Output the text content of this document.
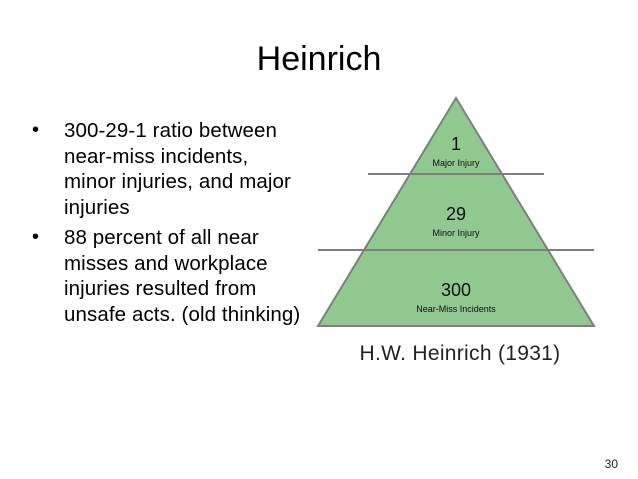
Heinrich
•	300-29-1 ratio between near-miss incidents, minor injuries, and major injuries
•	88 percent of all near misses and workplace injuries resulted from unsafe acts. (old thinking)
1
Major Injury
29
Minor Injury
300
Near-Miss Incidents

H.W. Heinrich (1931)

30
